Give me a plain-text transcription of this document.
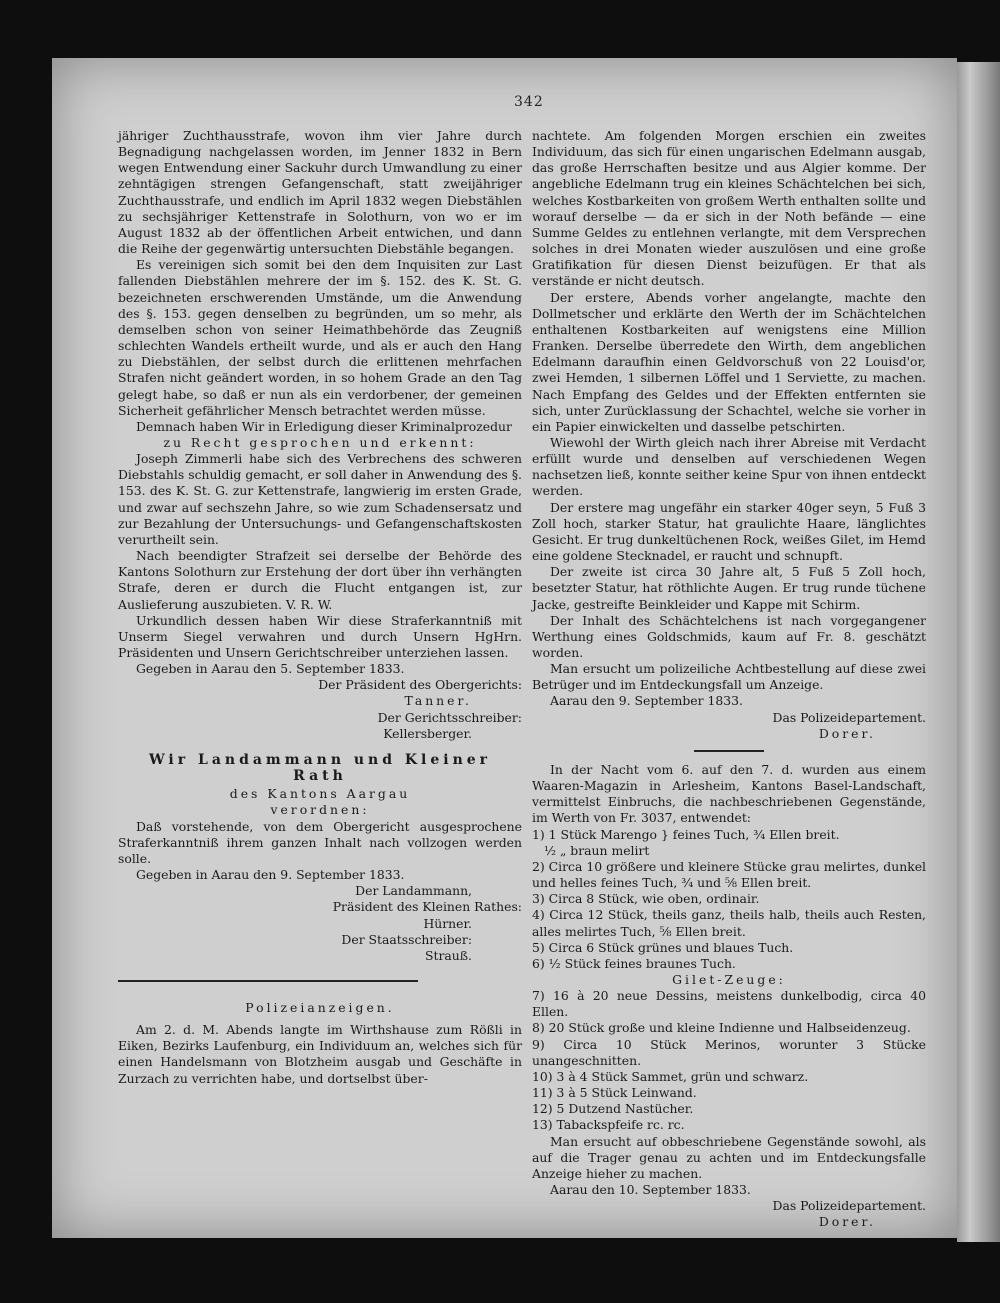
342

jähriger Zuchthausstrafe, wovon ihm vier Jahre durch Begnadigung nachgelassen worden, im Jenner 1832 in Bern wegen Entwendung einer Sackuhr durch Umwandlung zu einer zehntägigen strengen Gefangenschaft, statt zweijähriger Zuchthausstrafe, und endlich im April 1832 wegen Diebstählen zu sechsjähriger Kettenstrafe in Solothurn, von wo er im August 1832 ab der öffentlichen Arbeit entwichen, und dann die Reihe der gegenwärtig untersuchten Diebstähle begangen.

Es vereinigen sich somit bei den dem Inquisiten zur Last fallenden Diebstählen mehrere der im §. 152. des K. St. G. bezeichneten erschwerenden Umstände, um die Anwendung des §. 153. gegen denselben zu begründen, um so mehr, als demselben schon von seiner Heimathbehörde das Zeugniß schlechten Wandels ertheilt wurde, und als er auch den Hang zu Diebstählen, der selbst durch die erlittenen mehrfachen Strafen nicht geändert worden, in so hohem Grade an den Tag gelegt habe, so daß er nun als ein verdorbener, der gemeinen Sicherheit gefährlicher Mensch betrachtet werden müsse.

Demnach haben Wir in Erledigung dieser Kriminalprozedur

zu Recht gesprochen und erkennt:

Joseph Zimmerli habe sich des Verbrechens des schweren Diebstahls schuldig gemacht, er soll daher in Anwendung des §. 153. des K. St. G. zur Kettenstrafe, langwierig im ersten Grade, und zwar auf sechszehn Jahre, so wie zum Schadensersatz und zur Bezahlung der Untersuchungs- und Gefangenschaftskosten verurtheilt sein.

Nach beendigter Strafzeit sei derselbe der Behörde des Kantons Solothurn zur Erstehung der dort über ihn verhängten Strafe, deren er durch die Flucht entgangen ist, zur Auslieferung auszubieten. V. R. W.

Urkundlich dessen haben Wir diese Straferkanntniß mit Unserm Siegel verwahren und durch Unsern HgHrn. Präsidenten und Unsern Gerichtschreiber unterziehen lassen.

Gegeben in Aarau den 5. September 1833.

Der Präsident des Obergerichts:

Tanner.

Der Gerichtsschreiber:

Kellersberger.

Wir Landammann und Kleiner Rath

des Kantons Aargau

verordnen:

Daß vorstehende, von dem Obergericht ausgesprochene Straferkanntniß ihrem ganzen Inhalt nach vollzogen werden solle.

Gegeben in Aarau den 9. September 1833.

Der Landammann,

Präsident des Kleinen Rathes:

Hürner.

Der Staatsschreiber:

Strauß.

Polizeianzeigen.

Am 2. d. M. Abends langte im Wirthshause zum Rößli in Eiken, Bezirks Laufenburg, ein Individuum an, welches sich für einen Handelsmann von Blotzheim ausgab und Geschäfte in Zurzach zu verrichten habe, und dortselbst über-

nachtete. Am folgenden Morgen erschien ein zweites Individuum, das sich für einen ungarischen Edelmann ausgab, das große Herrschaften besitze und aus Algier komme. Der angebliche Edelmann trug ein kleines Schächtelchen bei sich, welches Kostbarkeiten von großem Werth enthalten sollte und worauf derselbe — da er sich in der Noth befände — eine Summe Geldes zu entlehnen verlangte, mit dem Versprechen solches in drei Monaten wieder auszulösen und eine große Gratifikation für diesen Dienst beizufügen. Er that als verstände er nicht deutsch.

Der erstere, Abends vorher angelangte, machte den Dollmetscher und erklärte den Werth der im Schächtelchen enthaltenen Kostbarkeiten auf wenigstens eine Million Franken. Derselbe überredete den Wirth, dem angeblichen Edelmann daraufhin einen Geldvorschuß von 22 Louisd'or, zwei Hemden, 1 silbernen Löffel und 1 Serviette, zu machen. Nach Empfang des Geldes und der Effekten entfernten sie sich, unter Zurücklassung der Schachtel, welche sie vorher in ein Papier einwickelten und dasselbe petschirten.

Wiewohl der Wirth gleich nach ihrer Abreise mit Verdacht erfüllt wurde und denselben auf verschiedenen Wegen nachsetzen ließ, konnte seither keine Spur von ihnen entdeckt werden.

Der erstere mag ungefähr ein starker 40ger seyn, 5 Fuß 3 Zoll hoch, starker Statur, hat graulichte Haare, länglichtes Gesicht. Er trug dunkeltüchenen Rock, weißes Gilet, im Hemd eine goldene Stecknadel, er raucht und schnupft.

Der zweite ist circa 30 Jahre alt, 5 Fuß 5 Zoll hoch, besetzter Statur, hat röthlichte Augen. Er trug runde tüchene Jacke, gestreifte Beinkleider und Kappe mit Schirm.

Der Inhalt des Schächtelchens ist nach vorgegangener Werthung eines Goldschmids, kaum auf Fr. 8. geschätzt worden.

Man ersucht um polizeiliche Achtbestellung auf diese zwei Betrüger und im Entdeckungsfall um Anzeige.

Aarau den 9. September 1833.

Das Polizeidepartement.

Dorer.

In der Nacht vom 6. auf den 7. d. wurden aus einem Waaren-Magazin in Arlesheim, Kantons Basel-Landschaft, vermittelst Einbruchs, die nachbeschriebenen Gegenstände, im Werth von Fr. 3037, entwendet:

1) 1 Stück Marengo } feines Tuch, ¾ Ellen breit.
½ „ braun melirt
2) Circa 10 größere und kleinere Stücke grau melirtes, dunkel und helles feines Tuch, ¾ und ⁵⁄₈ Ellen breit.
3) Circa 8 Stück, wie oben, ordinair.
4) Circa 12 Stück, theils ganz, theils halb, theils auch Resten, alles melirtes Tuch, ⁵⁄₈ Ellen breit.
5) Circa 6 Stück grünes und blaues Tuch.
6) ½ Stück feines braunes Tuch.

Gilet-Zeuge:

7) 16 à 20 neue Dessins, meistens dunkelbodig, circa 40 Ellen.
8) 20 Stück große und kleine Indienne und Halbseidenzeug.
9) Circa 10 Stück Merinos, worunter 3 Stücke unangeschnitten.
10) 3 à 4 Stück Sammet, grün und schwarz.
11) 3 à 5 Stück Leinwand.
12) 5 Dutzend Nastücher.
13) Tabackspfeife rc. rc.

Man ersucht auf obbeschriebene Gegenstände sowohl, als auf die Trager genau zu achten und im Entdeckungsfalle Anzeige hieher zu machen.

Aarau den 10. September 1833.

Das Polizeidepartement.

Dorer.
